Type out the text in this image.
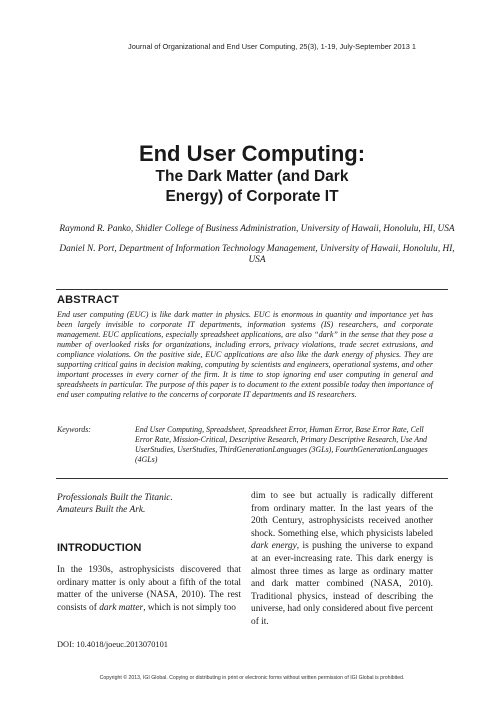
Journal of Organizational and End User Computing, 25(3), 1-19, July-September 2013 1

End User Computing:

The Dark Matter (and Dark

Energy) of Corporate IT

Raymond R. Panko, Shidler College of Business Administration, University of Hawaii, Honolulu, HI, USA

Daniel N. Port, Department of Information Technology Management, University of Hawaii, Honolulu, HI, USA

ABSTRACT

End user computing (EUC) is like dark matter in physics. EUC is enormous in quantity and importance yet has been largely invisible to corporate IT departments, information systems (IS) researchers, and corporate management. EUC applications, especially spreadsheet applications, are also “dark” in the sense that they pose a number of overlooked risks for organizations, including errors, privacy violations, trade secret extrusions, and compliance violations. On the positive side, EUC applications are also like the dark energy of physics. They are supporting critical gains in decision making, computing by scientists and engineers, operational systems, and other important processes in every corner of the firm. It is time to stop ignoring end user computing in general and spreadsheets in particular. The purpose of this paper is to document to the extent possible today then importance of end user computing relative to the concerns of corporate IT departments and IS researchers.

Keywords:	End User Computing, Spreadsheet, Spreadsheet Error, Human Error, Base Error Rate, Cell Error Rate, Mission-Critical, Descriptive Research, Primary Descriptive Research, Use And UserStudies, UserStudies, ThirdGenerationLanguages (3GLs), FourthGenerationLanguages (4GLs)

Professionals Built the Titanic.
Amateurs Built the Ark.

INTRODUCTION

In the 1930s, astrophysicists discovered that ordinary matter is only about a fifth of the total matter of the universe (NASA, 2010). The rest consists of dark matter, which is not simply too

dim to see but actually is radically different from ordinary matter. In the last years of the 20th Century, astrophysicists received another shock. Something else, which physicists labeled dark energy, is pushing the universe to expand at an ever-increasing rate. This dark energy is almost three times as large as ordinary matter and dark matter combined (NASA, 2010). Traditional physics, instead of describing the universe, had only considered about five percent of it.

DOI: 10.4018/joeuc.2013070101
Copyright © 2013, IGI Global. Copying or distributing in print or electronic forms without written permission of IGI Global is prohibited.
